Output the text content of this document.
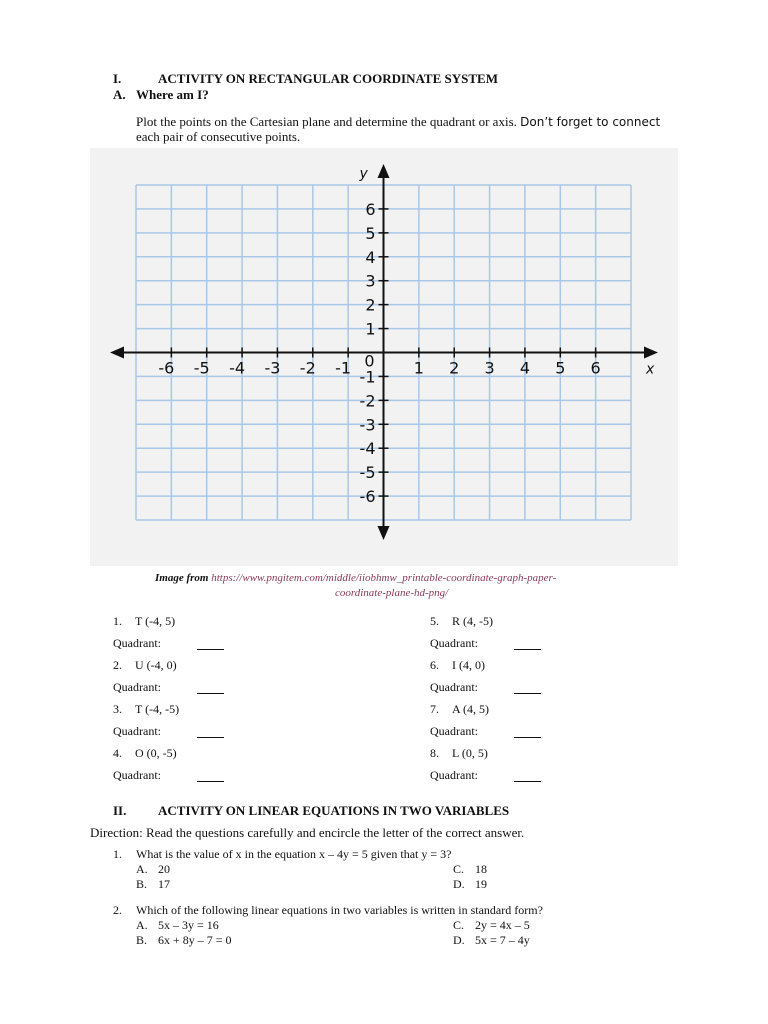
I.	ACTIVITY ON RECTANGULAR COORDINATE SYSTEM
A. Where am I?
Plot the points on the Cartesian plane and determine the quadrant or axis. Don’t forget to connect
each pair of consecutive points.
-6 -5 -4 -3 -2 -1	1 2 3 4 5 6
6
5
4
3
2
1
-1
-2
-3
-4
-5
-6
0	x
y
Image from https://www.pngitem.com/middle/iiobhmw_printable-coordinate-graph-paper-
coordinate-plane-hd-png/
1. T (-4, 5)
Quadrant:
2. U (-4, 0)
Quadrant:
3. T (-4, -5)
Quadrant:
4. O (0, -5)
Quadrant:
5. R (4, -5)
Quadrant:
6. I (4, 0)
Quadrant:
7. A (4, 5)
Quadrant:
8. L (0, 5)
Quadrant:
II. ACTIVITY ON LINEAR EQUATIONS IN TWO VARIABLES
Direction: Read the questions carefully and encircle the letter of the correct answer.
1. What is the value of x in the equation x – 4y = 5 given that y = 3?
A. 20
B. 17
C. 18
D. 19
2. Which of the following linear equations in two variables is written in standard form?
A. 5x – 3y = 16
B. 6x + 8y – 7 = 0
C. 2y = 4x – 5
D. 5x = 7 – 4y
